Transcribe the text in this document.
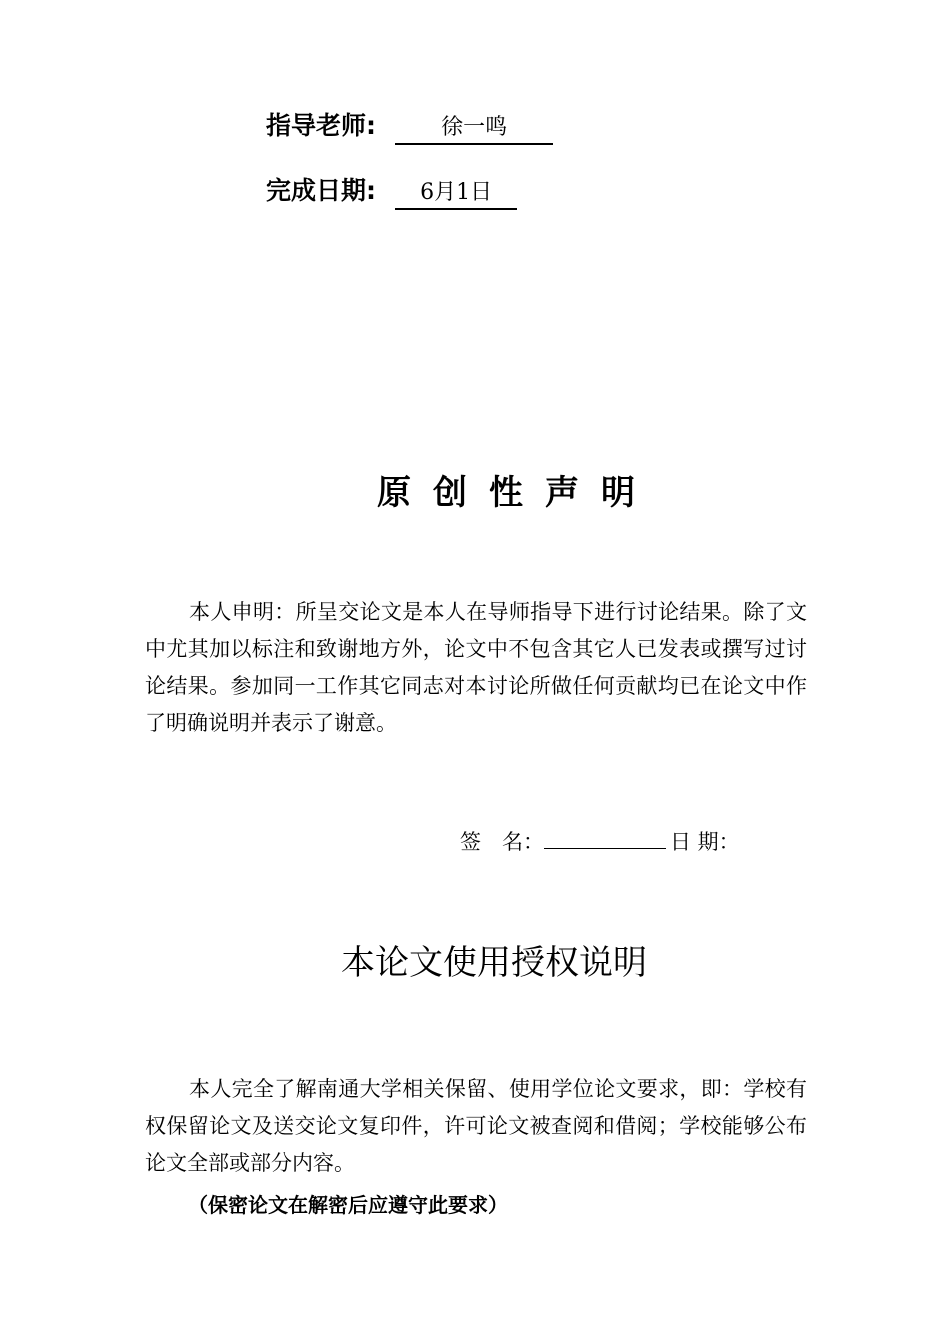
指导老师:	徐一鸣
完成日期: 6月1日
原创性声明
本人申明：所呈交论文是本人在导师指导下进行讨论结果。除了文中尤其加以标注和致谢地方外，论文中不包含其它人已发表或撰写过讨论结果。参加同一工作其它同志对本讨论所做任何贡献均已在论文中作了明确说明并表示了谢意。
签　名：	日 期：
本论文使用授权说明
本人完全了解南通大学相关保留、使用学位论文要求，即：学校有权保留论文及送交论文复印件，许可论文被查阅和借阅；学校能够公布论文全部或部分内容。
（保密论文在解密后应遵守此要求）
